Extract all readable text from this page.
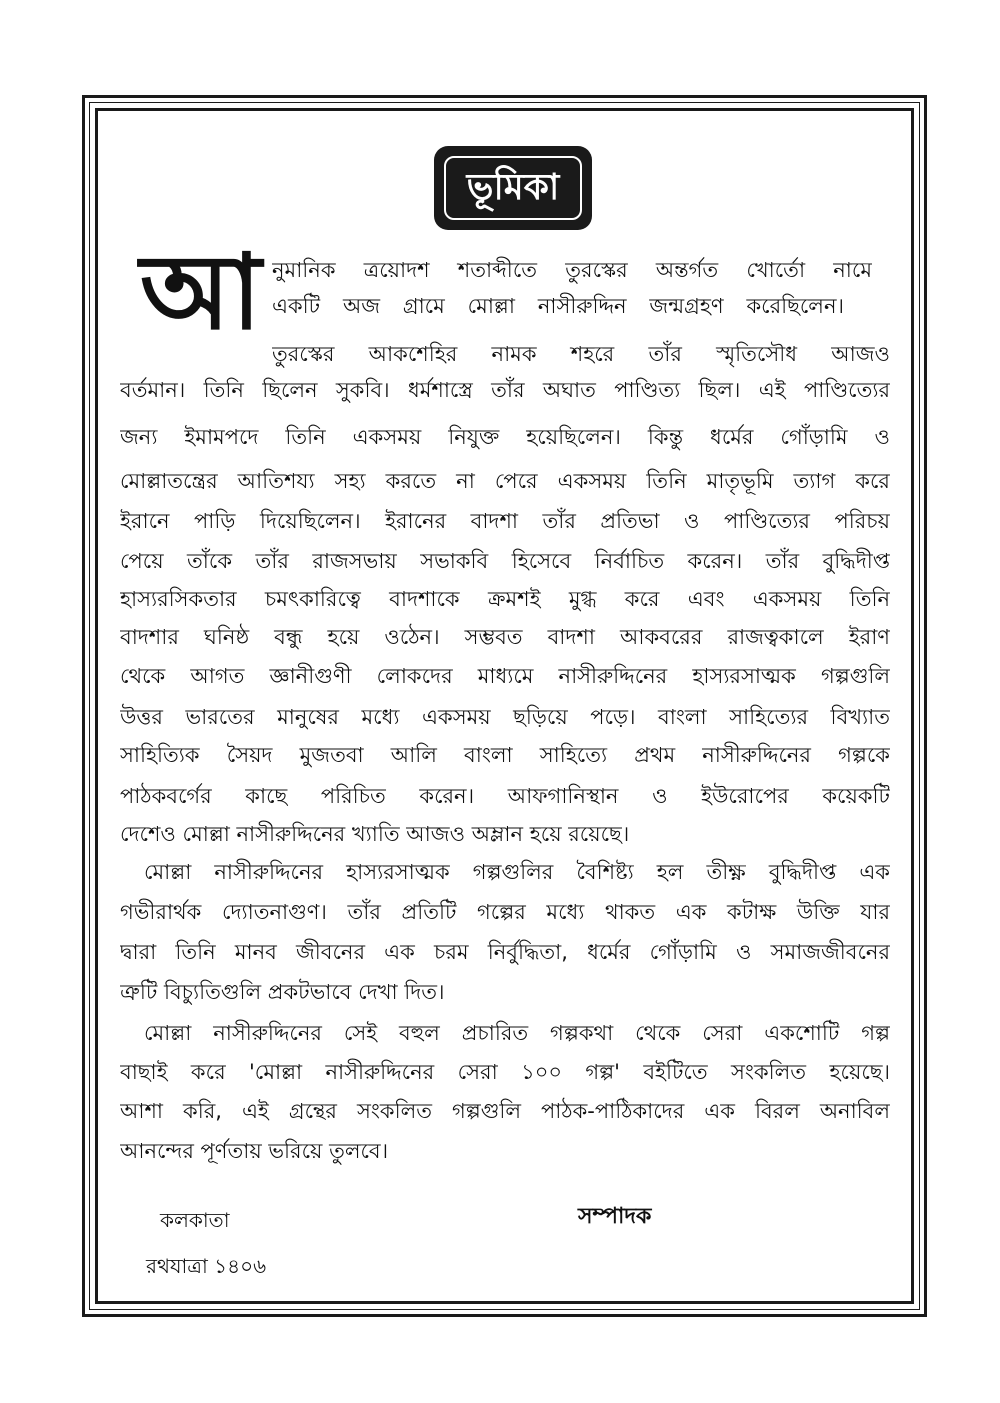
ভূমিকা
আ নুমানিক ত্রয়োদশ শতাব্দীতে তুরস্কের অন্তর্গত খোর্তো নামে
একটি অজ গ্রামে মোল্লা নাসীরুদ্দিন জন্মগ্রহণ করেছিলেন।
তুরস্কের আকশেহির নামক শহরে তাঁর স্মৃতিসৌধ আজও
বর্তমান। তিনি ছিলেন সুকবি। ধর্মশাস্ত্রে তাঁর অঘাত পাণ্ডিত্য ছিল। এই পাণ্ডিত্যের
জন্য ইমামপদে তিনি একসময় নিযুক্ত হয়েছিলেন। কিন্তু ধর্মের গোঁড়ামি ও
মোল্লাতন্ত্রের আতিশয্য সহ্য করতে না পেরে একসময় তিনি মাতৃভূমি ত্যাগ করে
ইরানে পাড়ি দিয়েছিলেন। ইরানের বাদশা তাঁর প্রতিভা ও পাণ্ডিত্যের পরিচয়
পেয়ে তাঁকে তাঁর রাজসভায় সভাকবি হিসেবে নির্বাচিত করেন। তাঁর বুদ্ধিদীপ্ত
হাস্যরসিকতার চমৎকারিত্বে বাদশাকে ক্রমশই মুগ্ধ করে এবং একসময় তিনি
বাদশার ঘনিষ্ঠ বন্ধু হয়ে ওঠেন। সম্ভবত বাদশা আকবরের রাজত্বকালে ইরাণ
থেকে আগত জ্ঞানীগুণী লোকদের মাধ্যমে নাসীরুদ্দিনের হাস্যরসাত্মক গল্পগুলি
উত্তর ভারতের মানুষের মধ্যে একসময় ছড়িয়ে পড়ে। বাংলা সাহিত্যের বিখ্যাত
সাহিত্যিক সৈয়দ মুজতবা আলি বাংলা সাহিত্যে প্রথম নাসীরুদ্দিনের গল্পকে
পাঠকবর্গের কাছে পরিচিত করেন। আফগানিস্থান ও ইউরোপের কয়েকটি
দেশেও মোল্লা নাসীরুদ্দিনের খ্যাতি আজও অম্লান হয়ে রয়েছে।
মোল্লা নাসীরুদ্দিনের হাস্যরসাত্মক গল্পগুলির বৈশিষ্ট্য হল তীক্ষ্ণ বুদ্ধিদীপ্ত এক
গভীরার্থক দ্যোতনাগুণ। তাঁর প্রতিটি গল্পের মধ্যে থাকত এক কটাক্ষ উক্তি যার
দ্বারা তিনি মানব জীবনের এক চরম নির্বুদ্ধিতা, ধর্মের গোঁড়ামি ও সমাজজীবনের
ত্রুটি বিচ্যুতিগুলি প্রকটভাবে দেখা দিত।
মোল্লা নাসীরুদ্দিনের সেই বহুল প্রচারিত গল্পকথা থেকে সেরা একশোটি গল্প
বাছাই করে 'মোল্লা নাসীরুদ্দিনের সেরা ১০০ গল্প' বইটিতে সংকলিত হয়েছে।
আশা করি, এই গ্রন্থের সংকলিত গল্পগুলি পাঠক-পাঠিকাদের এক বিরল অনাবিল
আনন্দের পূর্ণতায় ভরিয়ে তুলবে।
কলকাতা	সম্পাদক
রথযাত্রা ১৪০৬
